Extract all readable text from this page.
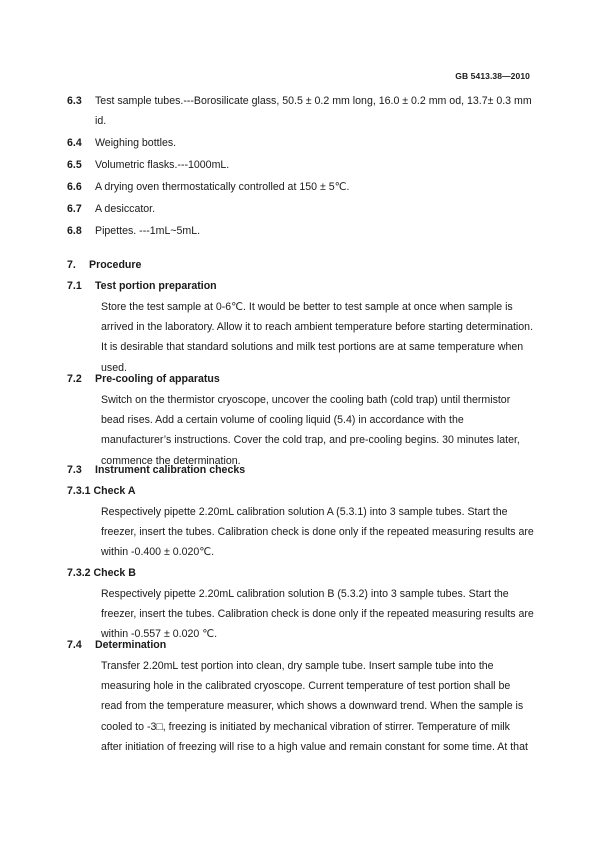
GB 5413.38—2010
6.3 Test sample tubes.---Borosilicate glass, 50.5 ± 0.2 mm long, 16.0 ± 0.2 mm od, 13.7± 0.3 mm
id.
6.4 Weighing bottles.
6.5 Volumetric flasks.---1000mL.
6.6 A drying oven thermostatically controlled at 150 ± 5℃.
6.7 A desiccator.
6.8 Pipettes. ---1mL~5mL.
7. Procedure
7.1 Test portion preparation
Store the test sample at 0-6℃. It would be better to test sample at once when sample is
arrived in the laboratory. Allow it to reach ambient temperature before starting determination.
It is desirable that standard solutions and milk test portions are at same temperature when
used.
7.2 Pre-cooling of apparatus
Switch on the thermistor cryoscope, uncover the cooling bath (cold trap) until thermistor
bead rises. Add a certain volume of cooling liquid (5.4) in accordance with the
manufacturer’s instructions. Cover the cold trap, and pre-cooling begins. 30 minutes later,
commence the determination.
7.3 Instrument calibration checks
7.3.1 Check A
Respectively pipette 2.20mL calibration solution A (5.3.1) into 3 sample tubes. Start the
freezer, insert the tubes. Calibration check is done only if the repeated measuring results are
within -0.400 ± 0.020℃.
7.3.2 Check B
Respectively pipette 2.20mL calibration solution B (5.3.2) into 3 sample tubes. Start the
freezer, insert the tubes. Calibration check is done only if the repeated measuring results are
within -0.557 ± 0.020 ℃.
7.4 Determination
Transfer 2.20mL test portion into clean, dry sample tube. Insert sample tube into the
measuring hole in the calibrated cryoscope. Current temperature of test portion shall be
read from the temperature measurer, which shows a downward trend. When the sample is
cooled to -3□, freezing is initiated by mechanical vibration of stirrer. Temperature of milk
after initiation of freezing will rise to a high value and remain constant for some time. At that
